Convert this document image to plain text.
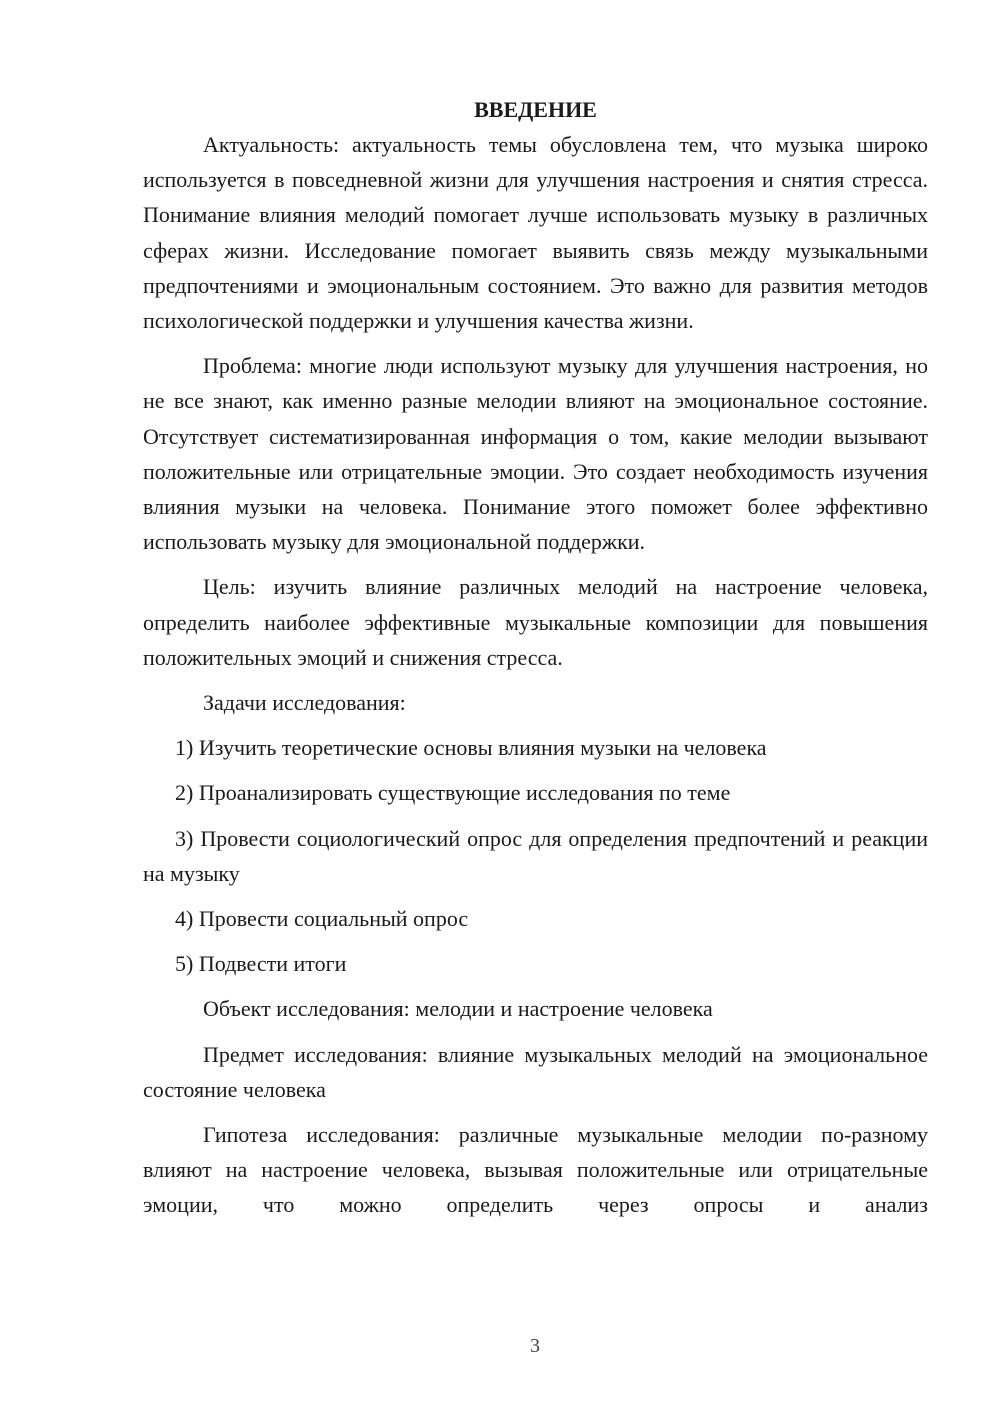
ВВЕДЕНИЕ

Актуальность: актуальность темы обусловлена тем, что музыка широко используется в повседневной жизни для улучшения настроения и снятия стресса. Понимание влияния мелодий помогает лучше использовать музыку в различных сферах жизни. Исследование помогает выявить связь между музыкальными предпочтениями и эмоциональным состоянием. Это важно для развития методов психологической поддержки и улучшения качества жизни.

Проблема: многие люди используют музыку для улучшения настроения, но не все знают, как именно разные мелодии влияют на эмоциональное состояние. Отсутствует систематизированная информация о том, какие мелодии вызывают положительные или отрицательные эмоции. Это создает необходимость изучения влияния музыки на человека. Понимание этого поможет более эффективно использовать музыку для эмоциональной поддержки.

Цель: изучить влияние различных мелодий на настроение человека, определить наиболее эффективные музыкальные композиции для повышения положительных эмоций и снижения стресса.

Задачи исследования:

1) Изучить теоретические основы влияния музыки на человека

2) Проанализировать существующие исследования по теме

3) Провести социологический опрос для определения предпочтений и реакции на музыку

4) Провести социальный опрос

5) Подвести итоги

Объект исследования: мелодии и настроение человека

Предмет исследования: влияние музыкальных мелодий на эмоциональное состояние человека

Гипотеза исследования: различные музыкальные мелодии по-разному влияют на настроение человека, вызывая положительные или отрицательные эмоции, что можно определить через опросы и анализ

3
